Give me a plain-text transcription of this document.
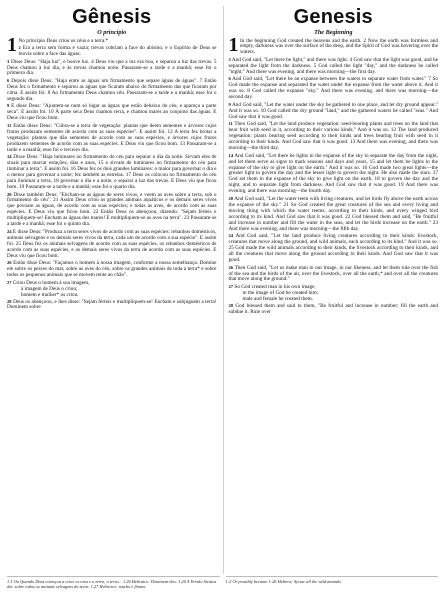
Gênesis
O princípio
1 No princípio Deus criou os céus e a terra.*

2 Era a terra sem forma e vazia; trevas cobriam a face do abismo, e o Espírito de Deus se movia sobre a face das águas.

3 Disse Deus: "Haja luz", e houve luz. 4 Deus viu que a luz era boa, e separou a luz das trevas. 5 Deus chamou à luz dia, e às trevas chamou noite. Passaram-se a tarde e a manhã; esse foi o primeiro dia.

6 Depois disse Deus: "Haja entre as águas um firmamento que separe águas de águas". 7 Então Deus fez o firmamento e separou as águas que ficaram abaixo do firmamento das que ficaram por cima. E assim foi. 8 Ao firmamento Deus chamou céu. Passaram-se a tarde e a manhã; esse foi o segundo dia.

9 E disse Deus: "Ajuntem-se num só lugar as águas que estão debaixo do céu, e apareça a parte seca". E assim foi. 10 À parte seca Deus chamou terra, e chamou mares ao conjunto das águas. E Deus viu que ficou bom.

11 Então disse Deus: "Cubra-se a terra de vegetação: plantas que deem sementes e árvores cujos frutos produzam sementes de acordo com as suas espécies". E assim foi. 12 A terra fez brotar a vegetação: plantas que dão sementes de acordo com as suas espécies, e árvores cujos frutos produzem sementes de acordo com as suas espécies. E Deus viu que ficou bom. 13 Passaram-se a tarde e a manhã; esse foi o terceiro dia.

14 Disse Deus: "Haja luminares no firmamento do céu para separar o dia da noite. Sirvam eles de sinais para marcar estações, dias e anos, 15 e sirvam de luminares no firmamento do céu para iluminar a terra". E assim foi. 16 Deus fez os dois grandes luminares: o maior para governar o dia e o menor para governar a noite; fez também as estrelas. 17 Deus os colocou no firmamento do céu para iluminar a terra, 18 governar o dia e a noite, e separar a luz das trevas. E Deus viu que ficou bom. 19 Passaram-se a tarde e a manhã; esse foi o quarto dia.

20 Disse também Deus: "Encham-se as águas de seres vivos, e voem as aves sobre a terra, sob o firmamento do céu". 21 Assim Deus criou os grandes animais aquáticos e os demais seres vivos que povoam as águas, de acordo com as suas espécies; e todas as aves, de acordo com as suas espécies. E Deus viu que ficou bom. 22 Então Deus os abençoou, dizendo: "Sejam férteis e multipliquem-se! Encham as águas dos mares! E multipliquem-se as aves na terra". 23 Passaram-se a tarde e a manhã; esse foi o quinto dia.

24 E disse Deus: "Produza a terra seres vivos de acordo com as suas espécies: rebanhos domésticos, animais selvagens e os demais seres vivos da terra, cada um de acordo com a sua espécie". E assim foi. 25 Deus fez os animais selvagens de acordo com as suas espécies, os rebanhos domésticos de acordo com as suas espécies, e os demais seres vivos da terra de acordo com as suas espécies. E Deus viu que ficou bom.

26 Então disse Deus: "Façamos o homem à nossa imagem, conforme a nossa semelhança. Domine ele sobre os peixes do mar, sobre as aves do céu, sobre os grandes animais de toda a terra* e sobre todos os pequenos animais que se movem rente ao chão".

27 Criou Deus o homem à sua imagem,

à imagem de Deus o criou;

homem e mulher* os criou.

28 Deus os abençoou, e lhes disse: "Sejam férteis e multipliquem-se! Encham e subjuguem a terra! Dominem sobre

Genesis
The Beginning
1 In the beginning God created the heavens and the earth. 2 Now the earth was formless and empty, darkness was over the surface of the deep, and the Spirit of God was hovering over the waters.

3 And God said, "Let there be light," and there was light. 4 God saw that the light was good, and he separated the light from the darkness. 5 God called the light "day," and the darkness he called "night." And there was evening, and there was morning—the first day.

6 And God said, "Let there be an expanse between the waters to separate water from water." 7 So God made the expanse and separated the water under the expanse from the water above it. And it was so. 8 God called the expanse "sky." And there was evening, and there was morning—the second day.

9 And God said, "Let the water under the sky be gathered to one place, and let dry ground appear." And it was so. 10 God called the dry ground "land," and the gathered waters he called "seas." And God saw that it was good.

11 Then God said, "Let the land produce vegetation: seed-bearing plants and trees on the land that bear fruit with seed in it, according to their various kinds." And it was so. 12 The land produced vegetation: plants bearing seed according to their kinds and trees bearing fruit with seed in it according to their kinds. And God saw that it was good. 13 And there was evening, and there was morning—the third day.

14 And God said, "Let there be lights in the expanse of the sky to separate the day from the night, and let them serve as signs to mark seasons and days and years, 15 and let them be lights in the expanse of the sky to give light on the earth." And it was so. 16 God made two great lights—the greater light to govern the day and the lesser light to govern the night. He also made the stars. 17 God set them in the expanse of the sky to give light on the earth, 18 to govern the day and the night, and to separate light from darkness. And God saw that it was good. 19 And there was evening, and there was morning—the fourth day.

20 And God said, "Let the water teem with living creatures, and let birds fly above the earth across the expanse of the sky." 21 So God created the great creatures of the sea and every living and moving thing with which the water teems, according to their kinds, and every winged bird according to its kind. And God saw that it was good. 22 God blessed them and said, "Be fruitful and increase in number and fill the water in the seas, and let the birds increase on the earth." 23 And there was evening, and there was morning—the fifth day.

24 And God said, "Let the land produce living creatures according to their kinds: livestock, creatures that move along the ground, and wild animals, each according to its kind." And it was so. 25 God made the wild animals according to their kinds, the livestock according to their kinds, and all the creatures that move along the ground according to their kinds. And God saw that it was good.

26 Then God said, "Let us make man in our image, in our likeness, and let them rule over the fish of the sea and the birds of the air, over the livestock, over all the earth,* and over all the creatures that move along the ground."

27 So God created man in his own image,

in the image of God he created him;

male and female he created them.

28 God blessed them and said to them, "Be fruitful and increase in number; fill the earth and subdue it. Rule over

1.1 Ou Quando Deus começou a criar os céus e a terra, a terra... 1.26 Hebraico: Dominem eles. 1.26 A Versão Siríaca diz: sobre todos os animais selvagens da terra. 1.27 Hebraico: macho e fêmea.
1:2 Or possibly became 1:26 Hebrew; Syriac all the wild animals
